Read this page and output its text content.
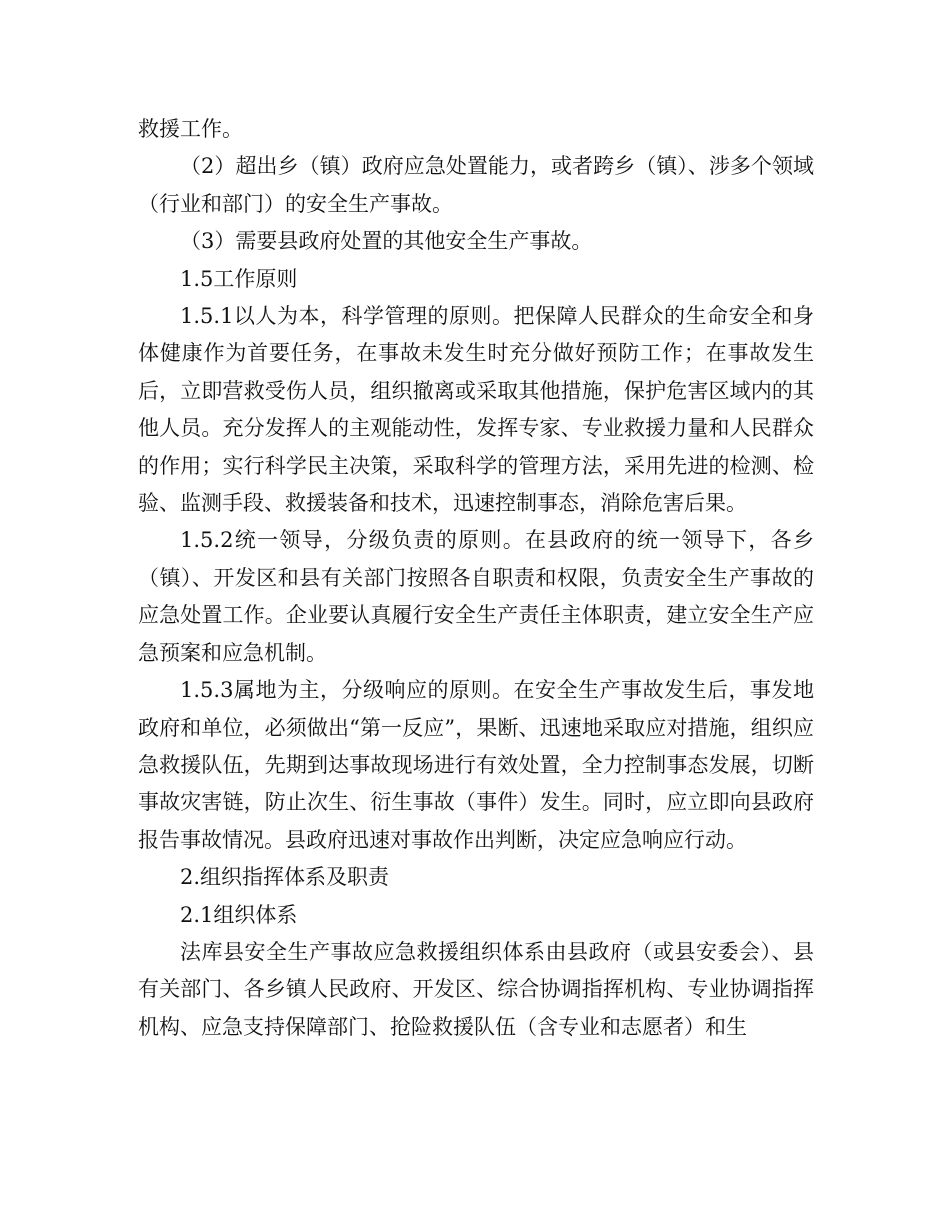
救援工作。

（2）超出乡（镇）政府应急处置能力，或者跨乡（镇）、涉多个领域（行业和部门）的安全生产事故。

（3）需要县政府处置的其他安全生产事故。

1.5工作原则

1.5.1以人为本，科学管理的原则。把保障人民群众的生命安全和身体健康作为首要任务，在事故未发生时充分做好预防工作；在事故发生后，立即营救受伤人员，组织撤离或采取其他措施，保护危害区域内的其他人员。充分发挥人的主观能动性，发挥专家、专业救援力量和人民群众的作用；实行科学民主决策，采取科学的管理方法，采用先进的检测、检验、监测手段、救援装备和技术，迅速控制事态，消除危害后果。

1.5.2统一领导，分级负责的原则。在县政府的统一领导下，各乡（镇）、开发区和县有关部门按照各自职责和权限，负责安全生产事故的应急处置工作。企业要认真履行安全生产责任主体职责，建立安全生产应急预案和应急机制。

1.5.3属地为主，分级响应的原则。在安全生产事故发生后，事发地政府和单位，必须做出“第一反应”，果断、迅速地采取应对措施，组织应急救援队伍，先期到达事故现场进行有效处置，全力控制事态发展，切断事故灾害链，防止次生、衍生事故（事件）发生。同时，应立即向县政府报告事故情况。县政府迅速对事故作出判断，决定应急响应行动。

2.组织指挥体系及职责

2.1组织体系

法库县安全生产事故应急救援组织体系由县政府（或县安委会）、县有关部门、各乡镇人民政府、开发区、综合协调指挥机构、专业协调指挥机构、应急支持保障部门、抢险救援队伍（含专业和志愿者）和生
